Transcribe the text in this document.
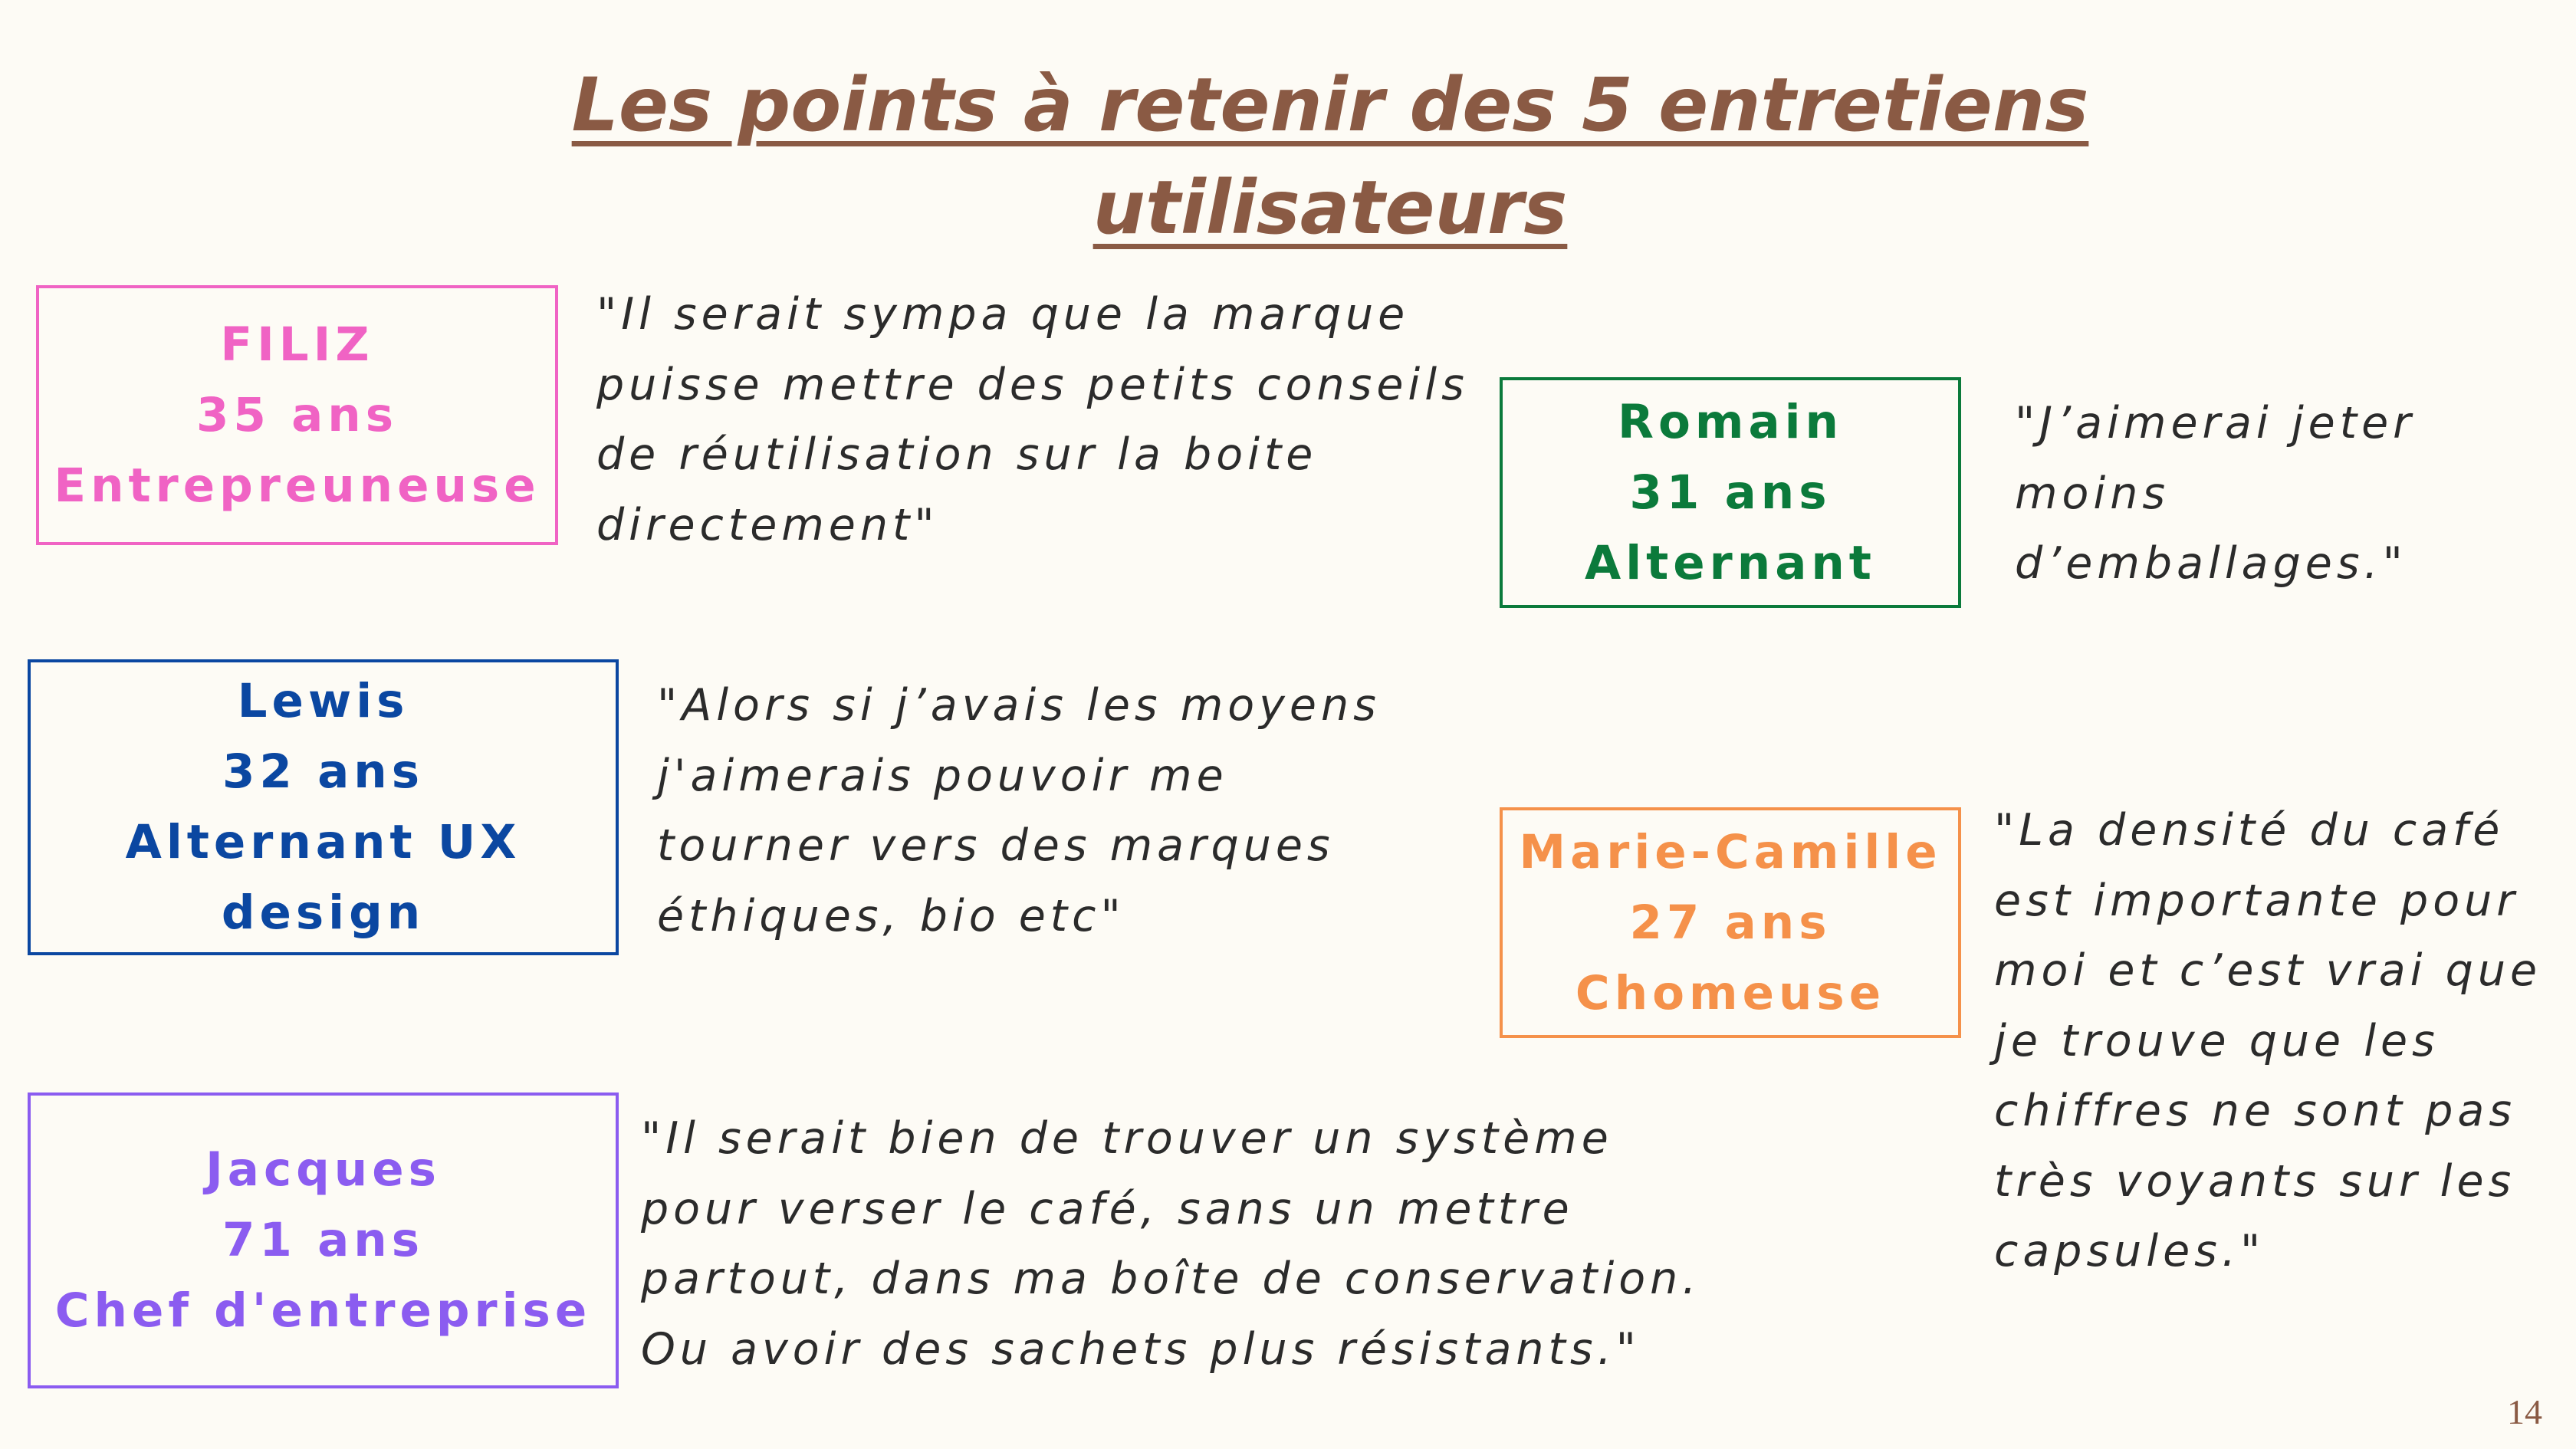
Les points à retenir des 5 entretiens
utilisateurs
FILIZ
35 ans
Entrepreuneuse

"Il serait sympa que la marque
puisse mettre des petits conseils
de réutilisation sur la boite
directement"

Romain
31 ans
Alternant

"J’aimerai jeter
moins
d’emballages."

Lewis
32 ans
Alternant UX
design

"Alors si j’avais les moyens
j'aimerais pouvoir me
tourner vers des marques
éthiques, bio etc"

Marie-Camille
27 ans
Chomeuse

"La densité du café
est importante pour
moi et c’est vrai que
je trouve que les
chiffres ne sont pas
très voyants sur les
capsules."

Jacques
71 ans
Chef d'entreprise

"Il serait bien de trouver un système
pour verser le café, sans un mettre
partout, dans ma boîte de conservation.
Ou avoir des sachets plus résistants."

14
